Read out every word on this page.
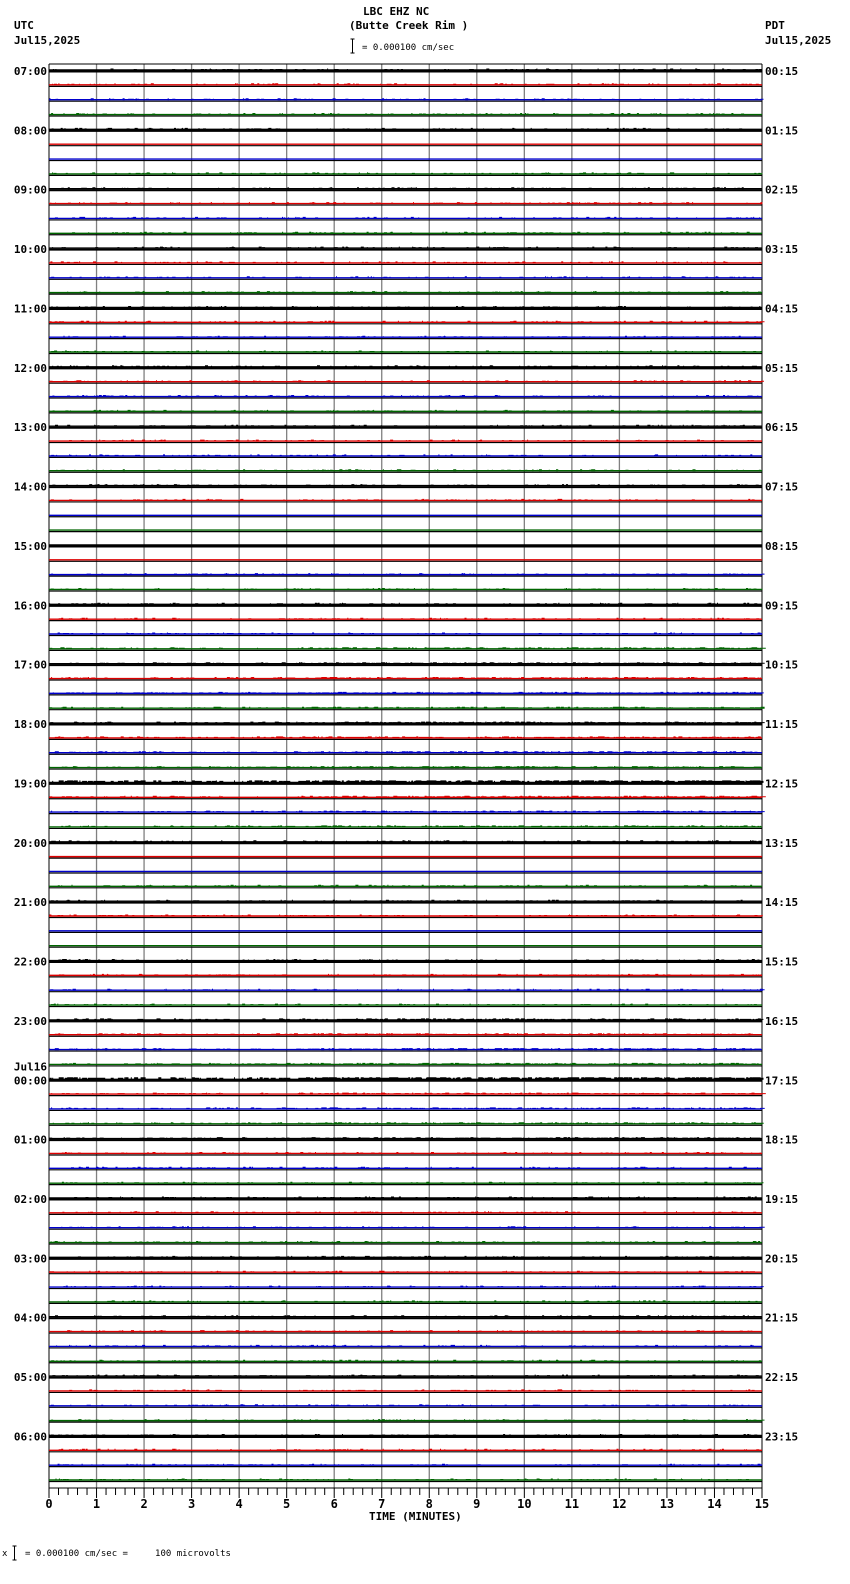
LBC EHZ NC
(Butte Creek Rim )
= 0.000100 cm/sec
UTC
Jul15,2025
PDT
Jul15,2025
0	1	2	3	4	5	6	7	8	9	10	11	12	13	14	15
07:00
08:00
09:00
10:00
11:00
12:00
13:00
14:00
15:00
16:00
17:00
18:00
19:00
20:00
21:00
22:00
23:00
00:00
Jul16
01:00
02:00
03:00
04:00
05:00
06:00
00:15
01:15
02:15
03:15
04:15
05:15
06:15
07:15
08:15
09:15
10:15
11:15
12:15
13:15
14:15
15:15
16:15
17:15
18:15
19:15
20:15
21:15
22:15
23:15
TIME (MINUTES)
x = 0.000100 cm/sec =     100 microvolts
